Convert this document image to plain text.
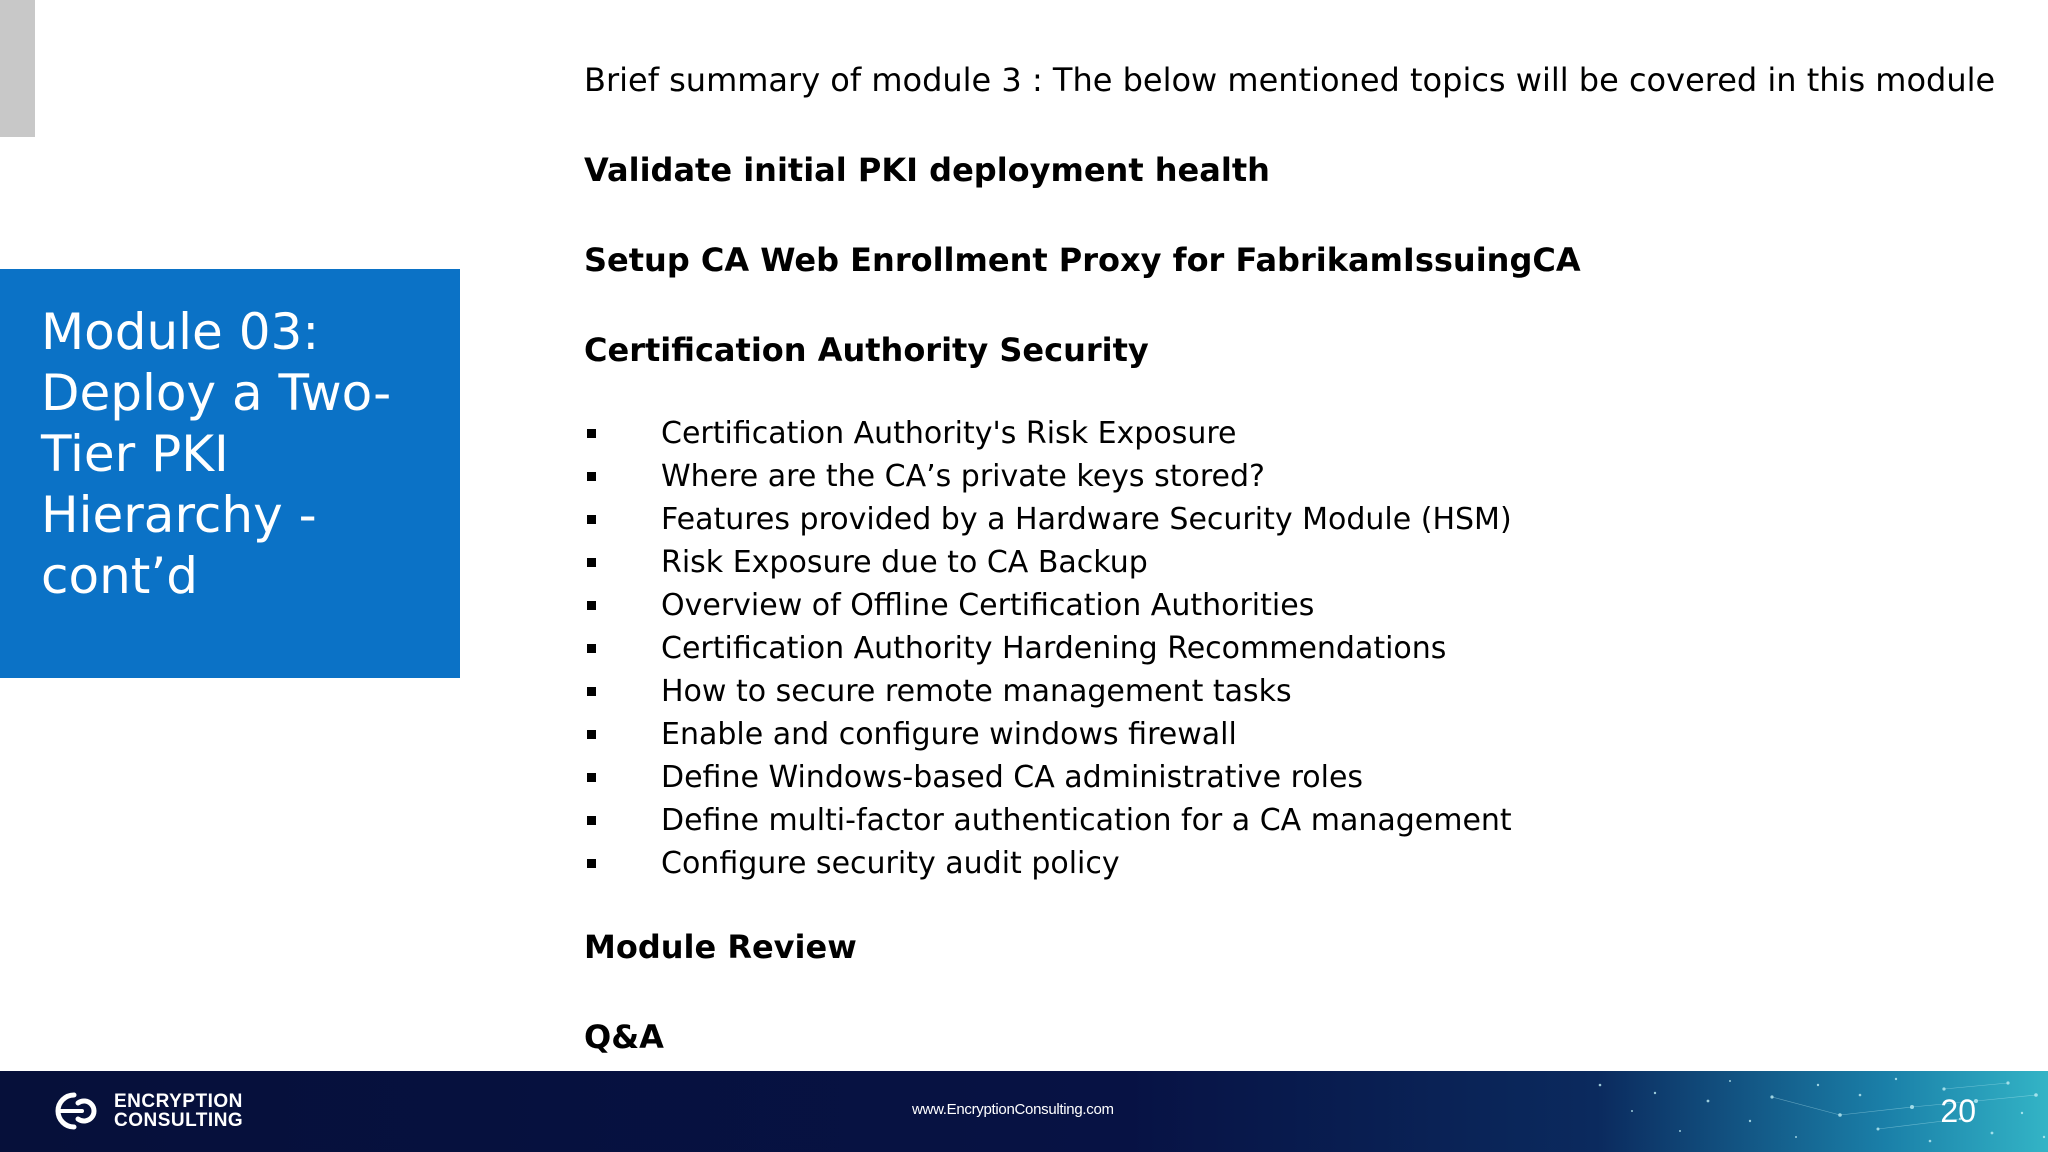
Module 03:
Deploy a Two-
Tier PKI
Hierarchy -
cont’d

Brief summary of module 3 : The below mentioned topics will be covered in this module

Validate initial PKI deployment health

Setup CA Web Enrollment Proxy for FabrikamIssuingCA

Certification Authority Security

Certification Authority's Risk Exposure
Where are the CA’s private keys stored?
Features provided by a Hardware Security Module (HSM)
Risk Exposure due to CA Backup
Overview of Offline Certification Authorities
Certification Authority Hardening Recommendations
How to secure remote management tasks
Enable and configure windows firewall
Define Windows-based CA administrative roles
Define multi-factor authentication for a CA management
Configure security audit policy

Module Review

Q&A

ENCRYPTION
CONSULTING
www.EncryptionConsulting.com	20
